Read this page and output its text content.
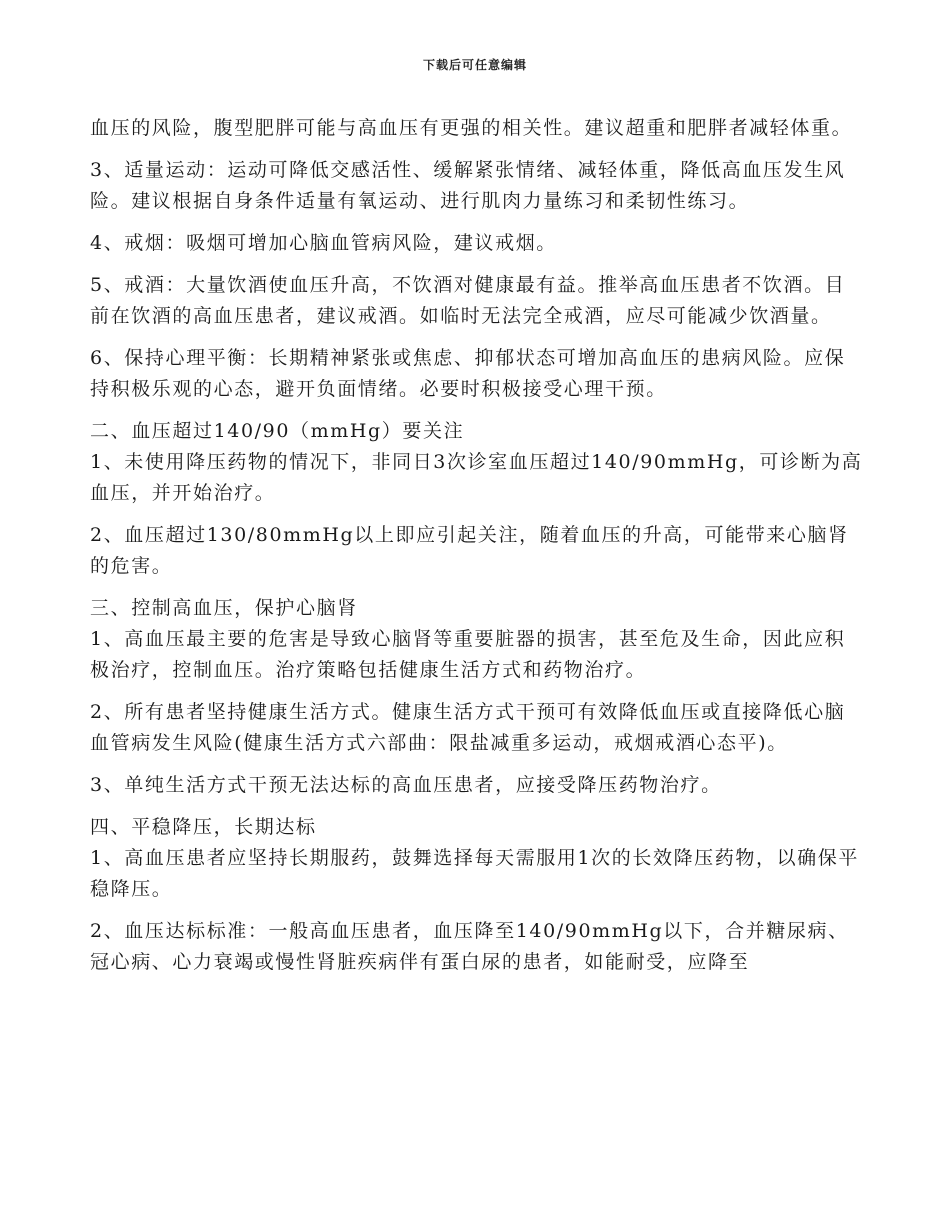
下载后可任意编辑

血压的风险，腹型肥胖可能与高血压有更强的相关性。建议超重和肥胖者减轻体重。

3、适量运动：运动可降低交感活性、缓解紧张情绪、减轻体重，降低高血压发生风险。建议根据自身条件适量有氧运动、进行肌肉力量练习和柔韧性练习。

4、戒烟：吸烟可增加心脑血管病风险，建议戒烟。

5、戒酒：大量饮酒使血压升高，不饮酒对健康最有益。推举高血压患者不饮酒。目前在饮酒的高血压患者，建议戒酒。如临时无法完全戒酒，应尽可能减少饮酒量。

6、保持心理平衡：长期精神紧张或焦虑、抑郁状态可增加高血压的患病风险。应保持积极乐观的心态，避开负面情绪。必要时积极接受心理干预。

二、血压超过140/90（mmHg）要关注

1、未使用降压药物的情况下，非同日3次诊室血压超过140/90mmHg，可诊断为高血压，并开始治疗。

2、血压超过130/80mmHg以上即应引起关注，随着血压的升高，可能带来心脑肾的危害。

三、控制高血压，保护心脑肾

1、高血压最主要的危害是导致心脑肾等重要脏器的损害，甚至危及生命，因此应积极治疗，控制血压。治疗策略包括健康生活方式和药物治疗。

2、所有患者坚持健康生活方式。健康生活方式干预可有效降低血压或直接降低心脑血管病发生风险(健康生活方式六部曲：限盐减重多运动，戒烟戒酒心态平)。

3、单纯生活方式干预无法达标的高血压患者，应接受降压药物治疗。

四、平稳降压，长期达标

1、高血压患者应坚持长期服药，鼓舞选择每天需服用1次的长效降压药物，以确保平稳降压。

2、血压达标标准：一般高血压患者，血压降至140/90mmHg以下，合并糖尿病、冠心病、心力衰竭或慢性肾脏疾病伴有蛋白尿的患者，如能耐受，应降至
